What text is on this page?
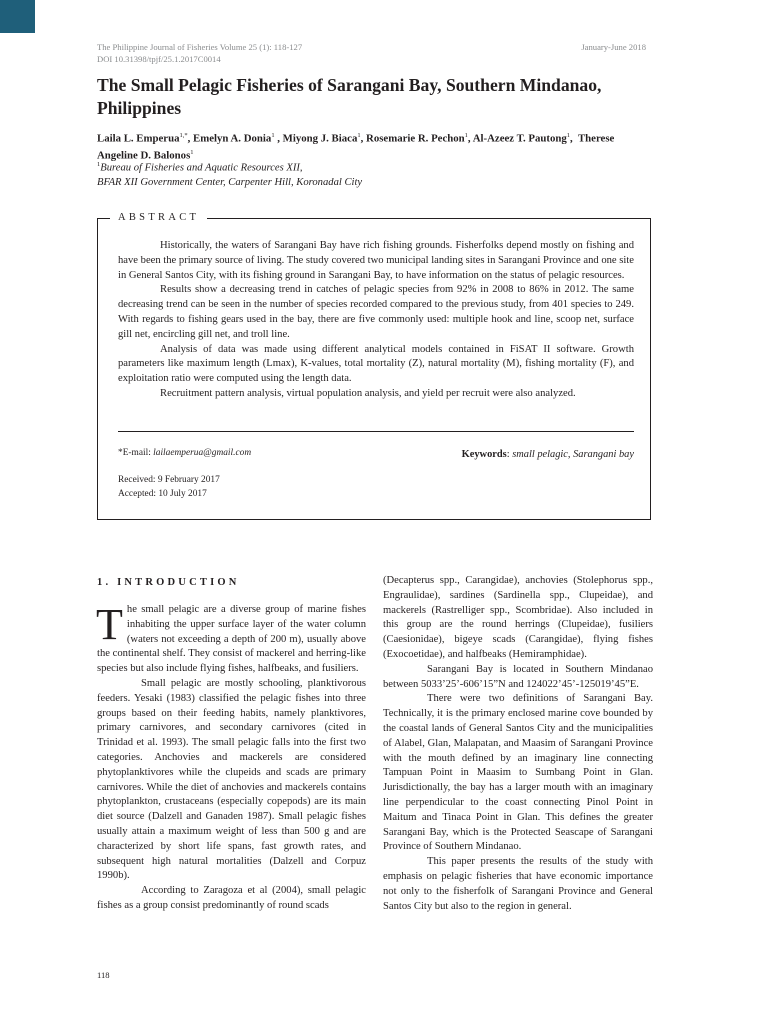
The Philippine Journal of Fisheries Volume 25 (1): 118-127
DOI 10.31398/tpjf/25.1.2017C0014
January-June 2018
The Small Pelagic Fisheries of Sarangani Bay, Southern Mindanao, Philippines
Laila L. Emperua$^{1,*}$, Emelyn A. Donia$^1$ , Miyong J. Biaca$^1$, Rosemarie R. Pechon$^1$, Al-Azeez T. Pautong$^1$,  Therese Angeline D. Balonos$^1$
$^1$Bureau of Fisheries and Aquatic Resources XII,
BFAR XII Government Center, Carpenter Hill, Koronadal City
ABSTRACT

Historically, the waters of Sarangani Bay have rich fishing grounds. Fisherfolks depend mostly on fishing and have been the primary source of living. The study covered two municipal landing sites in Sarangani Province and one site in General Santos City, with its fishing ground in Sarangani Bay, to have information on the status of pelagic resources.

Results show a decreasing trend in catches of pelagic species from 92% in 2008 to 86% in 2012. The same decreasing trend can be seen in the number of species recorded compared to the previous study, from 401 species to 249. With regards to fishing gears used in the bay, there are five commonly used: multiple hook and line, scoop net, surface gill net, encircling gill net, and troll line.

Analysis of data was made using different analytical models contained in FiSAT II software. Growth parameters like maximum length (Lmax), K-values, total mortality (Z), natural mortality (M), fishing mortality (F), and exploitation ratio were computed using the length data.

Recruitment pattern analysis, virtual population analysis, and yield per recruit were also analyzed.

*E-mail: lailaemperua@gmail.com	Keywords: small pelagic, Sarangani bay
Received: 9 February 2017
Accepted: 10 July 2017
1. INTRODUCTION

The small pelagic are a diverse group of marine fishes inhabiting the upper surface layer of the water column (waters not exceeding a depth of 200 m), usually above the continental shelf. They consist of mackerel and herring-like species but also include flying fishes, halfbeaks, and fusiliers.

Small pelagic are mostly schooling, planktivorous feeders. Yesaki (1983) classified the pelagic fishes into three groups based on their feeding habits, namely planktivores, primary carnivores, and secondary carnivores (cited in Trinidad et al. 1993). The small pelagic falls into the first two categories. Anchovies and mackerels are considered phytoplanktivores while the clupeids and scads are primary carnivores. While the diet of anchovies and mackerels contains phytoplankton, crustaceans (especially copepods) are its main diet source (Dalzell and Ganaden 1987). Small pelagic fishes usually attain a maximum weight of less than 500 g and are characterized by short life spans, fast growth rates, and subsequent high natural mortalities (Dalzell and Corpuz 1990b).

According to Zaragoza et al (2004), small pelagic fishes as a group consist predominantly of round scads

(Decapterus spp., Carangidae), anchovies (Stolephorus spp., Engraulidae), sardines (Sardinella spp., Clupeidae), and mackerels (Rastrelliger spp., Scombridae). Also included in this group are the round herrings (Clupeidae), fusiliers (Caesionidae), bigeye scads (Carangidae), flying fishes (Exocoetidae), and halfbeaks (Hemiramphidae).

Sarangani Bay is located in Southern Mindanao between 5033’25’-606’15”N and 124022’45’-125019’45”E.

There were two definitions of Sarangani Bay. Technically, it is the primary enclosed marine cove bounded by the coastal lands of General Santos City and the municipalities of Alabel, Glan, Malapatan, and Maasim of Sarangani Province with the mouth defined by an imaginary line connecting Tampuan Point in Maasim to Sumbang Point in Glan. Jurisdictionally, the bay has a larger mouth with an imaginary line perpendicular to the coast connecting Pinol Point in Maitum and Tinaca Point in Glan. This defines the greater Sarangani Bay, which is the Protected Seascape of Sarangani Province of Southern Mindanao.

This paper presents the results of the study with emphasis on pelagic fisheries that have economic importance not only to the fisherfolk of Sarangani Province and General Santos City but also to the region in general.

118
